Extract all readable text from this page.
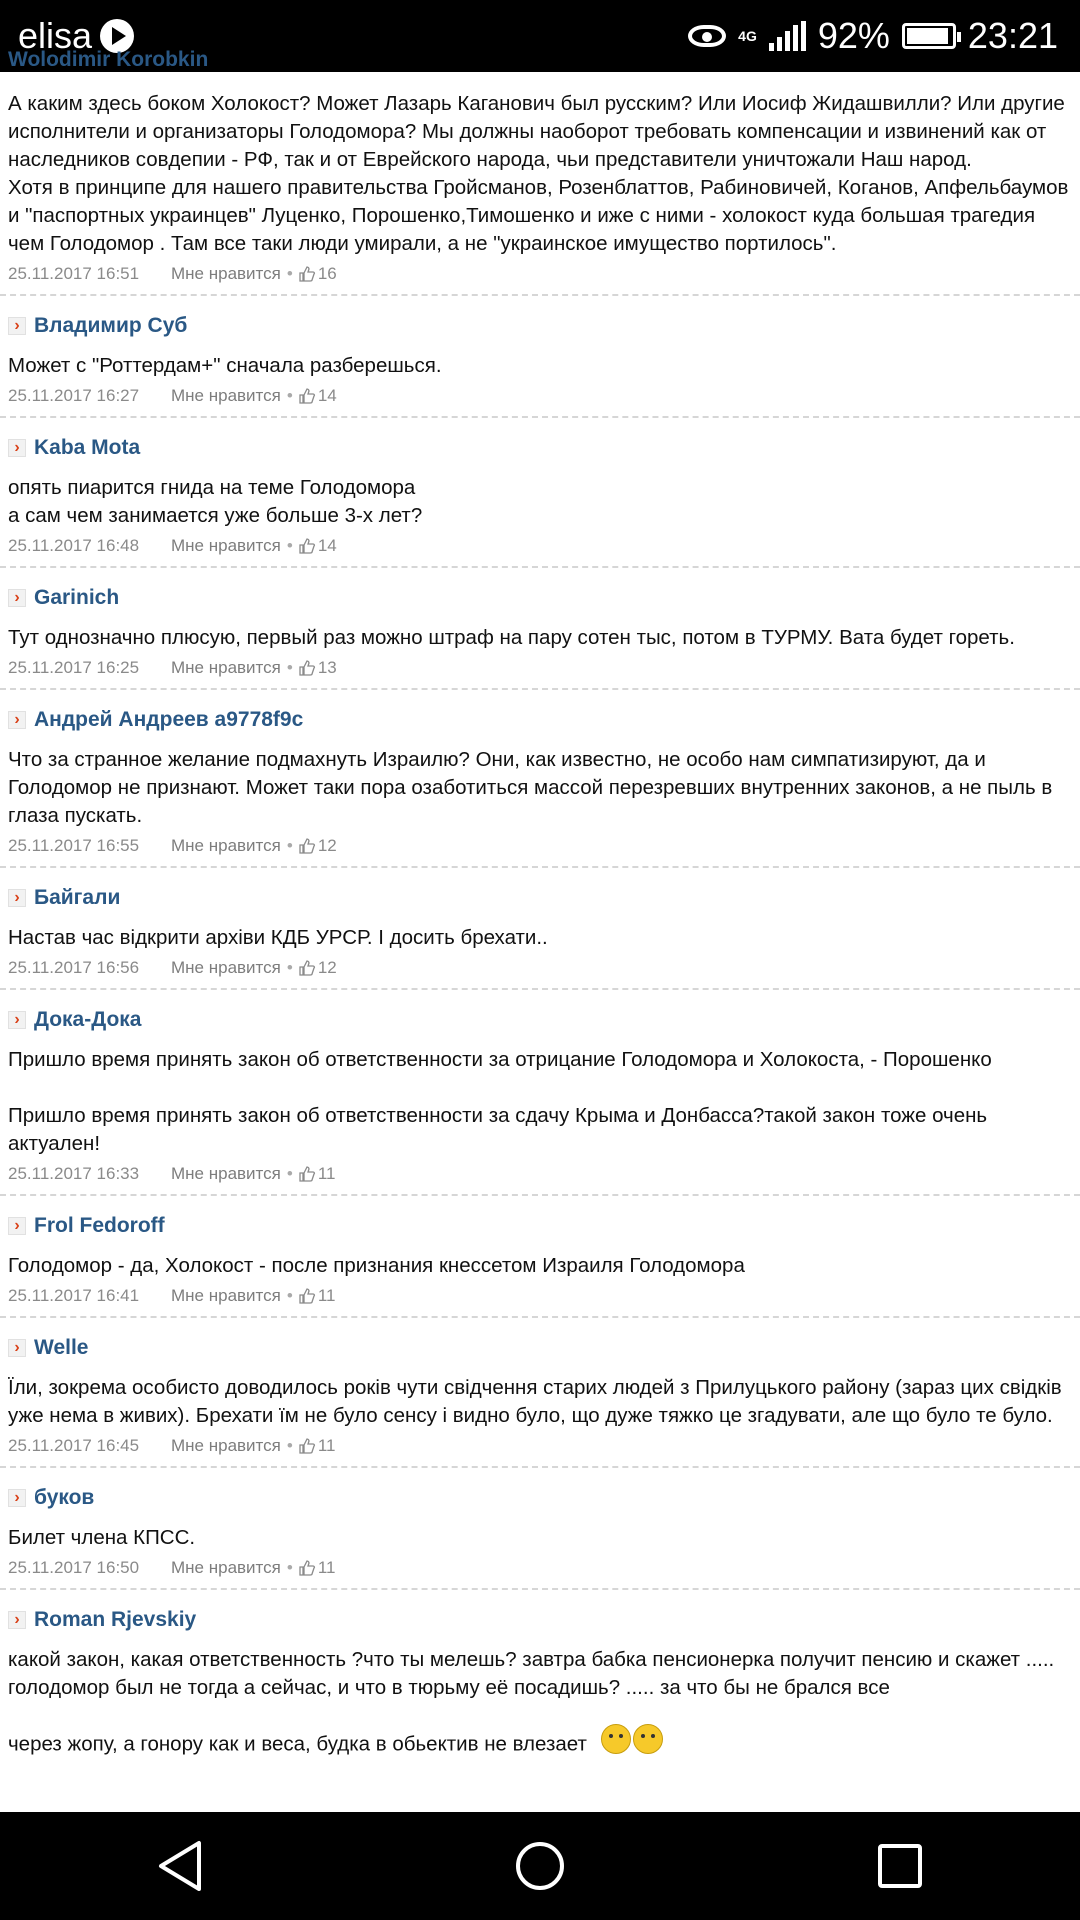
elisa	4G 92% 23:21
Wolodimir Korobkin
А каким здесь боком Холокост? Может Лазарь Каганович был русским? Или Иосиф Жидашвилли? Или другие исполнители и организаторы Голодомора? Мы должны наоборот требовать компенсации и извинений как от наследников совдепии - РФ, так и от Еврейского народа, чьи представители уничтожали Наш народ.
Хотя в принципе для нашего правительства Гройсманов, Розенблаттов, Рабиновичей, Коганов, Апфельбаумов и "паспортных украинцев" Луценко, Порошенко,Тимошенко и иже с ними - холокост куда большая трагедия чем Голодомор . Там все таки люди умирали, а не "украинское имущество портилось".
25.11.2017 16:51	Мне нравится • 16
› Владимир Суб
Может с "Роттердам+" сначала разберешься.
25.11.2017 16:27	Мне нравится • 14
› Kaba Mota
опять пиарится гнида на теме Голодомора
а сам чем занимается уже больше 3-х лет?
25.11.2017 16:48	Мне нравится • 14
› Garinich
Тут однозначно плюсую, первый раз можно штраф на пару сотен тыс, потом в ТУРМУ. Вата будет гореть.
25.11.2017 16:25	Мне нравится • 13
› Андрей Андреев a9778f9c
Что за странное желание подмахнуть Израилю? Они, как известно, не особо нам симпатизируют, да и Голодомор не признают. Может таки пора озаботиться массой перезревших внутренних законов, а не пыль в глаза пускать.
25.11.2017 16:55	Мне нравится • 12
› Байгали
Настав час відкрити архіви КДБ УРСР. І досить брехати..
25.11.2017 16:56	Мне нравится • 12
› Дока-Дока
Пришло время принять закон об ответственности за отрицание Голодомора и Холокоста, - Порошенко

Пришло время принять закон об ответственности за сдачу Крыма и Донбасса?такой закон тоже очень актуален!
25.11.2017 16:33	Мне нравится • 11
› Frol Fedoroff
Голодомор - да, Холокост - после признания кнессетом Израиля Голодомора
25.11.2017 16:41	Мне нравится • 11
› Welle
Їли, зокрема особисто доводилось років чути свідчення старих людей з Прилуцького району (зараз цих свідків уже нема в живих). Брехати їм не було сенсу і видно було, що дуже тяжко це згадувати, але що було те було.
25.11.2017 16:45	Мне нравится • 11
› буков
Билет члена КПСС.
25.11.2017 16:50	Мне нравится • 11
› Roman Rjevskiy
какой закон, какая ответственность ?что ты мелешь? завтра бабка пенсионерка получит пенсию и скажет ..... голодомор был не тогда а сейчас, и что в тюрьму её посадишь? ..... за что бы не брался все

через жопу, а гонору как и веса, будка в обьектив не влезает
